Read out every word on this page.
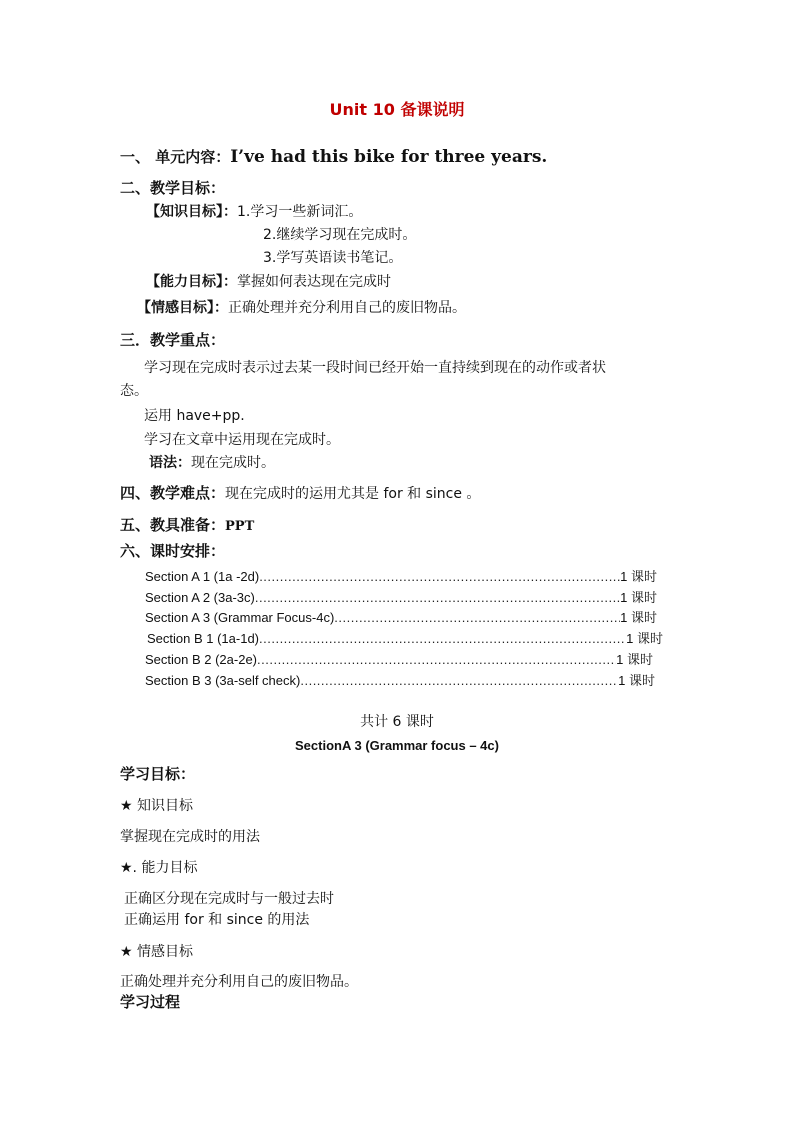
Unit 10 备课说明
一、 单元内容：I’ve had this bike for three years.
二、教学目标：
【知识目标】：1.学习一些新词汇。
2.继续学习现在完成时。
3.学写英语读书笔记。
【能力目标】：掌握如何表达现在完成时
【情感目标】：正确处理并充分利用自己的废旧物品。
三．教学重点：
学习现在完成时表示过去某一段时间已经开始一直持续到现在的动作或者状
态。
运用 have+pp.
学习在文章中运用现在完成时。
语法：现在完成时。
四、教学难点：现在完成时的运用尤其是 for 和 since 。
五、教具准备：PPT
六、课时安排：
Section A 1 (1a -2d) .....	1 课时
Section A 2 (3a-3c) .....	1 课时
Section A 3 (Grammar Focus-4c) .....	1 课时
Section B 1 (1a-1d) .....	1 课时
Section B 2 (2a-2e) .....	1 课时
Section B 3 (3a-self check) .....	1 课时
共计 6 课时
SectionA 3 (Grammar focus – 4c)
学习目标：
★ 知识目标
掌握现在完成时的用法
★. 能力目标
正确区分现在完成时与一般过去时
正确运用 for 和 since 的用法
★ 情感目标
正确处理并充分利用自己的废旧物品。
学习过程
